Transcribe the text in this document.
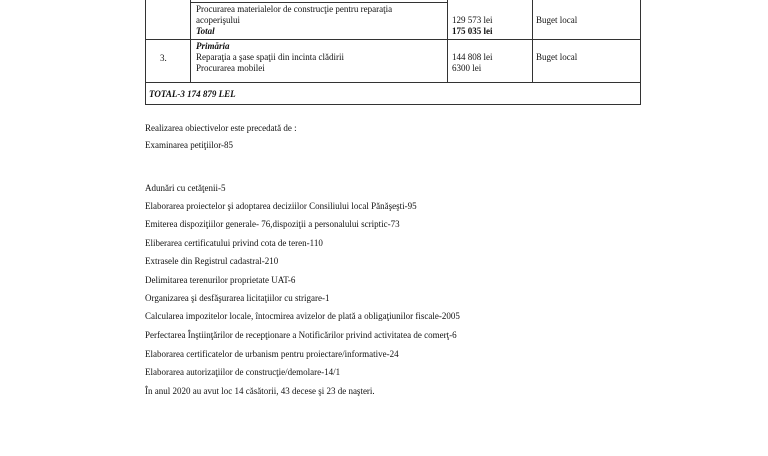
Procurarea materialelor de construcţie pentru reparaţia
acoperişului
Total
129 573 lei
175 035 lei
Buget local
3.
Primăria
Reparaţia a şase spaţii din incinta clădirii
Procurarea mobilei
144 808 lei
6300 lei
Buget local
TOTAL-3 174 879 LEL
Realizarea obiectivelor este precedată de :
Examinarea petiţiilor-85
Adunări cu cetăţenii-5
Elaborarea proiectelor şi adoptarea deciziilor Consiliului local Pănăşeşti-95
Emiterea dispoziţiilor generale- 76,dispoziţii a personalului scriptic-73
Eliberarea certificatului privind cota de teren-110
Extrasele din Registrul cadastral-210
Delimitarea terenurilor proprietate UAT-6
Organizarea şi desfăşurarea licitaţiilor cu strigare-1
Calcularea impozitelor locale, întocmirea avizelor de plată a obligaţiunilor fiscale-2005
Perfectarea Înştiinţărilor de recepţionare a Notificărilor privind activitatea de comerţ-6
Elaborarea certificatelor de urbanism pentru proiectare/informative-24
Elaborarea autorizaţiilor de construcţie/demolare-14/1
În anul 2020 au avut loc 14 căsătorii, 43 decese şi 23 de naşteri.
